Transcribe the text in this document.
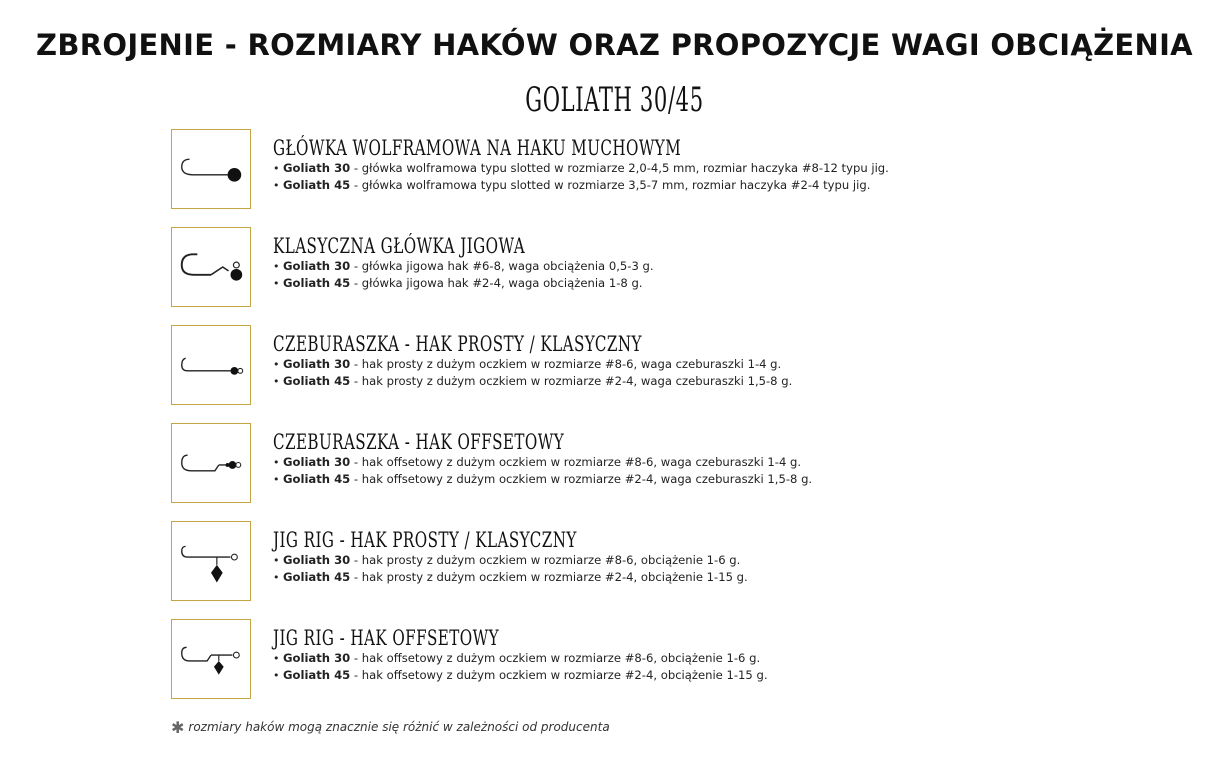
ZBROJENIE - ROZMIARY HAKÓW ORAZ PROPOZYCJE WAGI OBCIĄŻENIA
GOLIATH 30/45
GŁÓWKA WOLFRAMOWA NA HAKU MUCHOWYM
• Goliath 30 - główka wolframowa typu slotted w rozmiarze 2,0-4,5 mm, rozmiar haczyka #8-12 typu jig.
• Goliath 45 - główka wolframowa typu slotted w rozmiarze 3,5-7 mm, rozmiar haczyka #2-4 typu jig.
KLASYCZNA GŁÓWKA JIGOWA
• Goliath 30 - główka jigowa hak #6-8, waga obciążenia 0,5-3 g.
• Goliath 45 - główka jigowa hak #2-4, waga obciążenia 1-8 g.
CZEBURASZKA - HAK PROSTY / KLASYCZNY
• Goliath 30 - hak prosty z dużym oczkiem w rozmiarze #8-6, waga czeburaszki 1-4 g.
• Goliath 45 - hak prosty z dużym oczkiem w rozmiarze #2-4, waga czeburaszki 1,5-8 g.
CZEBURASZKA - HAK OFFSETOWY
• Goliath 30 - hak offsetowy z dużym oczkiem w rozmiarze #8-6, waga czeburaszki 1-4 g.
• Goliath 45 - hak offsetowy z dużym oczkiem w rozmiarze #2-4, waga czeburaszki 1,5-8 g.
JIG RIG - HAK PROSTY / KLASYCZNY
• Goliath 30 - hak prosty z dużym oczkiem w rozmiarze #8-6, obciążenie 1-6 g.
• Goliath 45 - hak prosty z dużym oczkiem w rozmiarze #2-4, obciążenie 1-15 g.
JIG RIG - HAK OFFSETOWY
• Goliath 30 - hak offsetowy z dużym oczkiem w rozmiarze #8-6, obciążenie 1-6 g.
• Goliath 45 - hak offsetowy z dużym oczkiem w rozmiarze #2-4, obciążenie 1-15 g.
✱ rozmiary haków mogą znacznie się różnić w zależności od producenta
